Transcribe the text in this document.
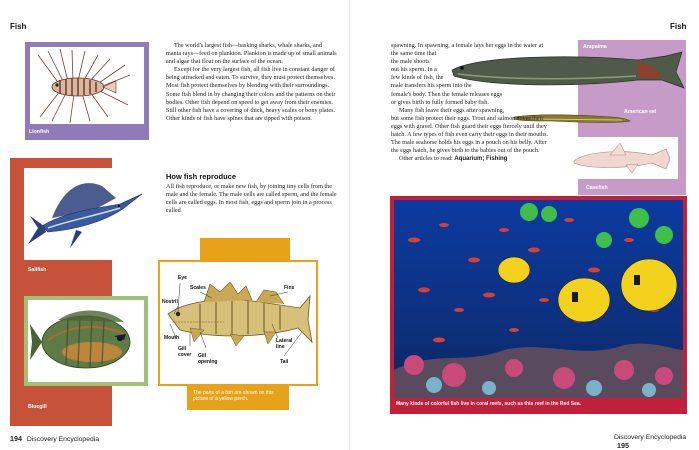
Fish
Lionfish

The world's largest fish—basking sharks, whale sharks, and manta rays—feed on plankton. Plankton is made up of small animals and algae that float on the surface of the ocean.

Except for the very largest fish, all fish live in constant danger of being attracked and eaten. To survive, they must protect themselves. Most fish protect themselves by blending with their surroundings. Some fish blend in by changing their colors and the patterns on their bodies. Other fish depend on speed to get away from their enemies. Still other fish have a covering of thick, heavy scales or bony plates. Other kinds of fish have spines that are tipped with poison.

How fish reproduce

All fish reproduce, or make new fish, by joining tiny cells from the male and the female. The male cells are called sperm, and the female cells are called eggs. In most fish, eggs and sperm join in a process called

Sailfish
Bluegill
Eye
Scales	Fins
Nostril
Mouth
Gill
cover Gill
opening
Lateral
line
Tail
The parts of a fish are shown on this picture of a yellow perch.
194 Discovery Encyclopedia
Fish
Arapaima
American eel
Cavefish
spawning. In spawning, a female lays her eggs in the water at
the same time that
the male shoots
out his sperm. In a
few kinds of fish, the
male transfers his sperm into the
female's body. Then the female releases eggs
or gives birth to fully formed baby fish.
Many fish leave their eggs after spawning,
but some fish protect their eggs. Trout and salmon cover their
eggs with gravel. Other fish guard their eggs fiercely until they
hatch. A few types of fish even carry their eggs in their mouths.
The male seahorse holds his eggs in a pouch on his belly. After
the eggs hatch, he gives birth to the babies out of the pouch.
Other articles to read: Aquarium; Fishing
Many kinds of colorful fish live in coral reefs, such as this reef in the Red Sea.
Discovery Encyclopedia 195
